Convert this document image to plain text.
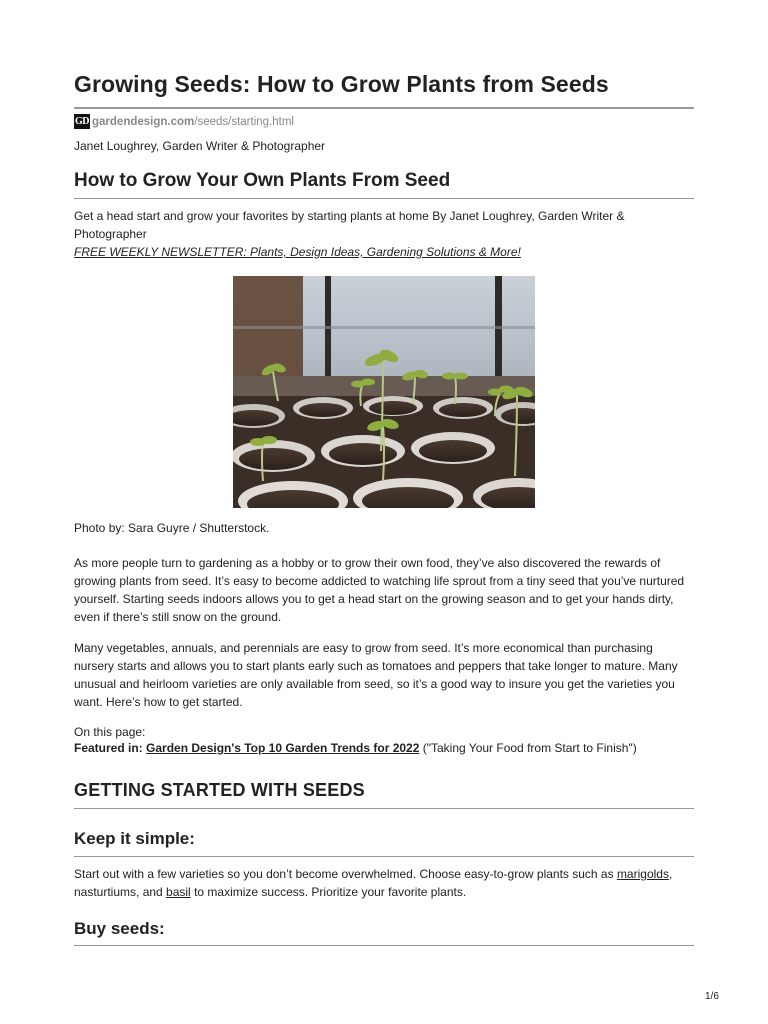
Growing Seeds: How to Grow Plants from Seeds
GD gardendesign.com /seeds/starting.html
Janet Loughrey, Garden Writer & Photographer
How to Grow Your Own Plants From Seed
Get a head start and grow your favorites by starting plants at home By Janet Loughrey, Garden Writer & Photographer
FREE WEEKLY NEWSLETTER: Plants, Design Ideas, Gardening Solutions & More!
Photo by: Sara Guyre / Shutterstock.

As more people turn to gardening as a hobby or to grow their own food, they’ve also discovered the rewards of growing plants from seed. It’s easy to become addicted to watching life sprout from a tiny seed that you’ve nurtured yourself. Starting seeds indoors allows you to get a head start on the growing season and to get your hands dirty, even if there’s still snow on the ground.

Many vegetables, annuals, and perennials are easy to grow from seed. It’s more economical than purchasing nursery starts and allows you to start plants early such as tomatoes and peppers that take longer to mature. Many unusual and heirloom varieties are only available from seed, so it’s a good way to insure you get the varieties you want. Here’s how to get started.

On this page:
Featured in: Garden Design's Top 10 Garden Trends for 2022 ("Taking Your Food from Start to Finish")
GETTING STARTED WITH SEEDS
Keep it simple:

Start out with a few varieties so you don’t become overwhelmed. Choose easy-to-grow plants such as marigolds, nasturtiums, and basil to maximize success. Prioritize your favorite plants.

Buy seeds:
1/6
